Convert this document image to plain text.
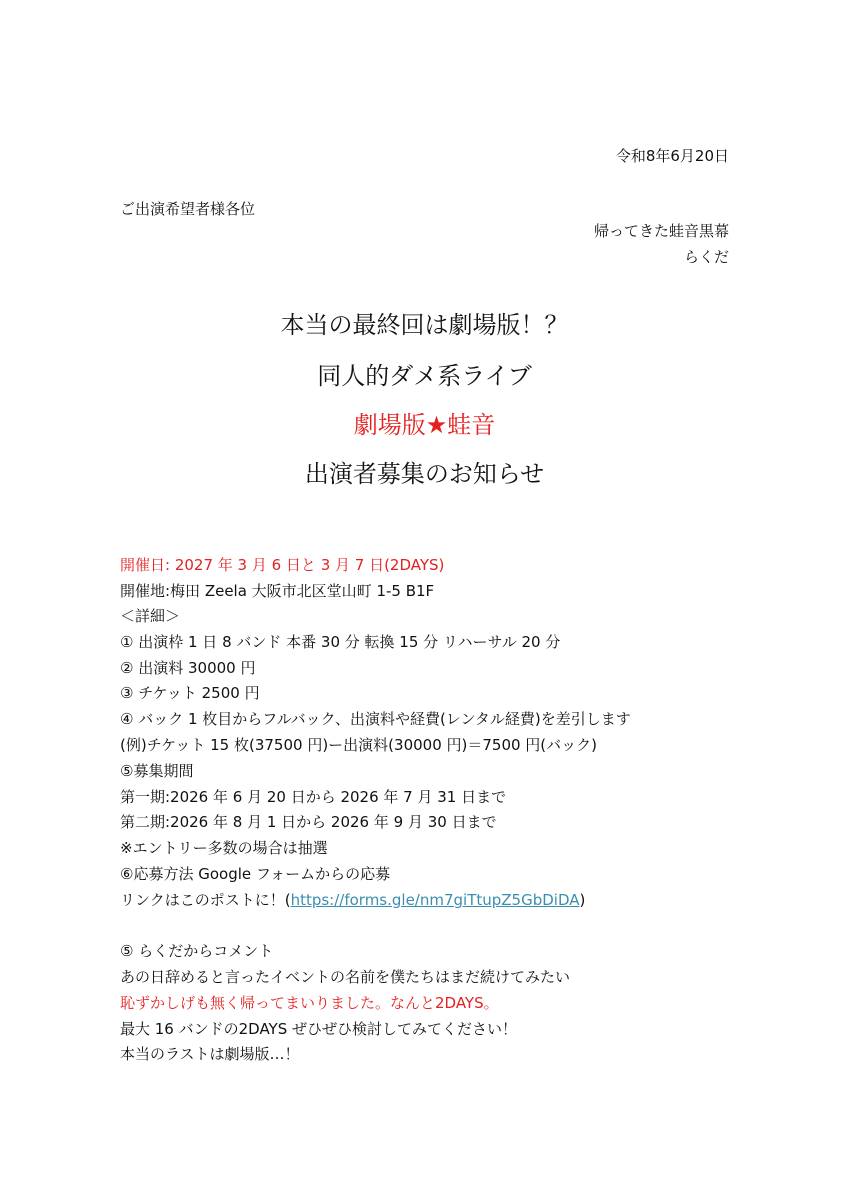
令和8年6月20日
ご出演希望者様各位
帰ってきた蛙音黒幕
らくだ
本当の最終回は劇場版！？
同人的ダメ系ライブ
劇場版★蛙音
出演者募集のお知らせ
開催日: 2027 年 3 月 6 日と 3 月 7 日(2DAYS)
開催地:梅田 Zeela 大阪市北区堂山町 1-5 B1F
＜詳細＞
① 出演枠 1 日 8 バンド 本番 30 分 転換 15 分 リハーサル 20 分
② 出演料 30000 円
③ チケット 2500 円
④ バック 1 枚目からフルバック、出演料や経費(レンタル経費)を差引します
(例)チケット 15 枚(37500 円)ー出演料(30000 円)＝7500 円(バック)
⑤募集期間
第一期:2026 年 6 月 20 日から 2026 年 7 月 31 日まで
第二期:2026 年 8 月 1 日から 2026 年 9 月 30 日まで
※エントリー多数の場合は抽選
⑥応募方法 Google フォームからの応募
リンクはこのポストに！(https://forms.gle/nm7giTtupZ5GbDiDA)
⑤ らくだからコメント
あの日辞めると言ったイベントの名前を僕たちはまだ続けてみたい
恥ずかしげも無く帰ってまいりました。なんと2DAYS。
最大 16 バンドの2DAYS ぜひぜひ検討してみてください！
本当のラストは劇場版…！
